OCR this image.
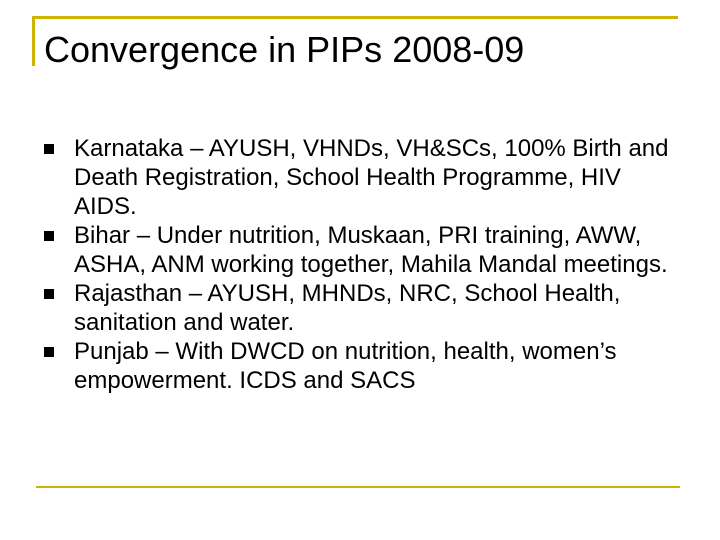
Convergence in PIPs 2008-09
Karnataka – AYUSH, VHNDs, VH&SCs, 100% Birth and Death Registration, School Health Programme, HIV AIDS.
Bihar – Under nutrition, Muskaan, PRI training, AWW, ASHA, ANM working together, Mahila Mandal meetings.
Rajasthan – AYUSH, MHNDs, NRC, School Health, sanitation and water.
Punjab – With DWCD on nutrition, health, women’s empowerment. ICDS and SACS
